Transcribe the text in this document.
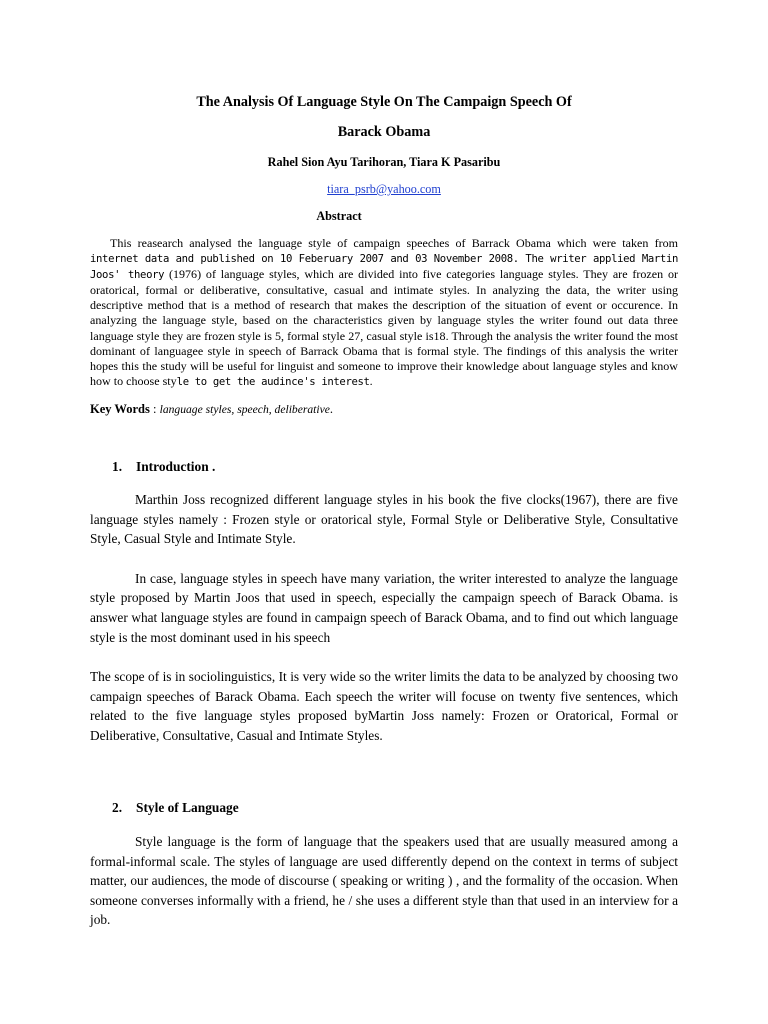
The Analysis Of Language Style On The Campaign Speech Of
Barack Obama
Rahel Sion Ayu Tarihoran, Tiara K Pasaribu
tiara_psrb@yahoo.com
Abstract

This reasearch analysed the language style of campaign speeches of Barrack Obama which were taken from internet data and published on 10 Feberuary 2007 and 03 November 2008. The writer applied Martin Joos' theory (1976) of language styles, which are divided into five categories language styles. They are frozen or oratorical, formal or deliberative, consultative, casual and intimate styles. In analyzing the data, the writer using descriptive method that is a method of research that makes the description of the situation of event or occurence. In analyzing the language style, based on the characteristics given by language styles the writer found out data three language style they are frozen style is 5, formal style 27, casual style is18. Through the analysis the writer found the most dominant of languagee style in speech of Barrack Obama that is formal style. The findings of this analysis the writer hopes this the study will be useful for linguist and someone to improve their knowledge about language styles and know how to choose style to get the audince's interest.

Key Words : language styles, speech, deliberative.
1. Introduction .

Marthin Joss recognized different language styles in his book the five clocks(1967), there are five language styles namely : Frozen style or oratorical style, Formal Style or Deliberative Style, Consultative Style, Casual Style and Intimate Style.

In case, language styles in speech have many variation, the writer interested to analyze the language style proposed by Martin Joos that used in speech, especially the campaign speech of Barack Obama. is answer what language styles are found in campaign speech of Barack Obama, and to find out which language style is the most dominant used in his speech

The scope of is in sociolinguistics, It is very wide so the writer limits the data to be analyzed by choosing two campaign speeches of Barack Obama. Each speech the writer will focuse on twenty five sentences, which related to the five language styles proposed byMartin Joss namely: Frozen or Oratorical, Formal or Deliberative, Consultative, Casual and Intimate Styles.

2. Style of Language

Style language is the form of language that the speakers used that are usually measured among a formal-informal scale. The styles of language are used differently depend on the context in terms of subject matter, our audiences, the mode of discourse ( speaking or writing ) , and the formality of the occasion. When someone converses informally with a friend, he / she uses a different style than that used in an interview for a job.
